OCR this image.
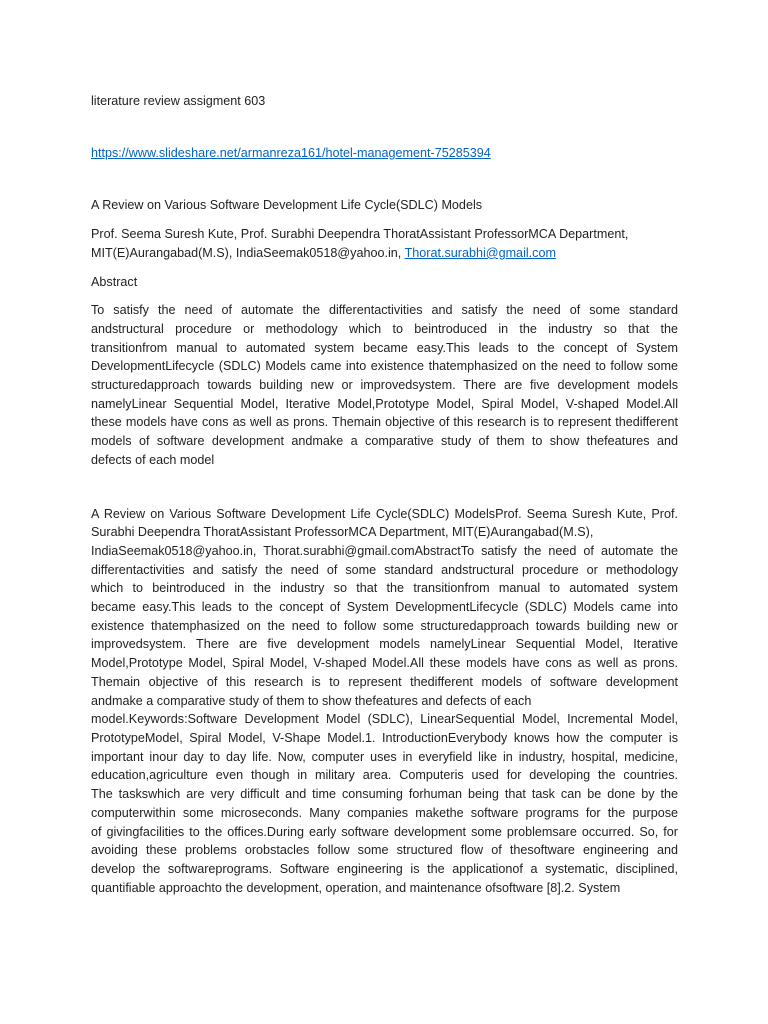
literature review assigment 603
https://www.slideshare.net/armanreza161/hotel-management-75285394
A Review on Various Software Development Life Cycle(SDLC) Models
Prof. Seema Suresh Kute, Prof. Surabhi Deependra ThoratAssistant ProfessorMCA Department,
MIT(E)Aurangabad(M.S), IndiaSeemak0518@yahoo.in, Thorat.surabhi@gmail.com
Abstract
To satisfy the need of automate the differentactivities and satisfy the need of some standard
andstructural procedure or methodology which to beintroduced in the industry so that the
transitionfrom manual to automated system became easy.This leads to the concept of System
DevelopmentLifecycle (SDLC) Models came into existence thatemphasized on the need to follow some
structuredapproach towards building new or improvedsystem. There are five development models
namelyLinear Sequential Model, Iterative Model,Prototype Model, Spiral Model, V-shaped Model.All
these models have cons as well as prons. Themain objective of this research is to represent thedifferent
models of software development andmake a comparative study of them to show thefeatures and
defects of each model
A Review on Various Software Development Life Cycle(SDLC) ModelsProf. Seema Suresh Kute, Prof.
Surabhi Deependra ThoratAssistant ProfessorMCA Department, MIT(E)Aurangabad(M.S),
IndiaSeemak0518@yahoo.in, Thorat.surabhi@gmail.comAbstractTo satisfy the need of automate the
differentactivities and satisfy the need of some standard andstructural procedure or methodology
which to beintroduced in the industry so that the transitionfrom manual to automated system
became easy.This leads to the concept of System DevelopmentLifecycle (SDLC) Models came into
existence thatemphasized on the need to follow some structuredapproach towards building new or
improvedsystem. There are five development models namelyLinear Sequential Model, Iterative
Model,Prototype Model, Spiral Model, V-shaped Model.All these models have cons as well as prons.
Themain objective of this research is to represent thedifferent models of software development
andmake a comparative study of them to show thefeatures and defects of each
model.Keywords:Software Development Model (SDLC), LinearSequential Model, Incremental Model,
PrototypeModel, Spiral Model, V-Shape Model.1. IntroductionEverybody knows how the computer is
important inour day to day life. Now, computer uses in everyfield like in industry, hospital, medicine,
education,agriculture even though in military area. Computeris used for developing the countries.
The taskswhich are very difficult and time consuming forhuman being that task can be done by the
computerwithin some microseconds. Many companies makethe software programs for the purpose
of givingfacilities to the offices.During early software development some problemsare occurred. So, for
avoiding these problems orobstacles follow some structured flow of thesoftware engineering and
develop the softwareprograms. Software engineering is the applicationof a systematic, disciplined,
quantifiable approachto the development, operation, and maintenance ofsoftware [8].2. System
